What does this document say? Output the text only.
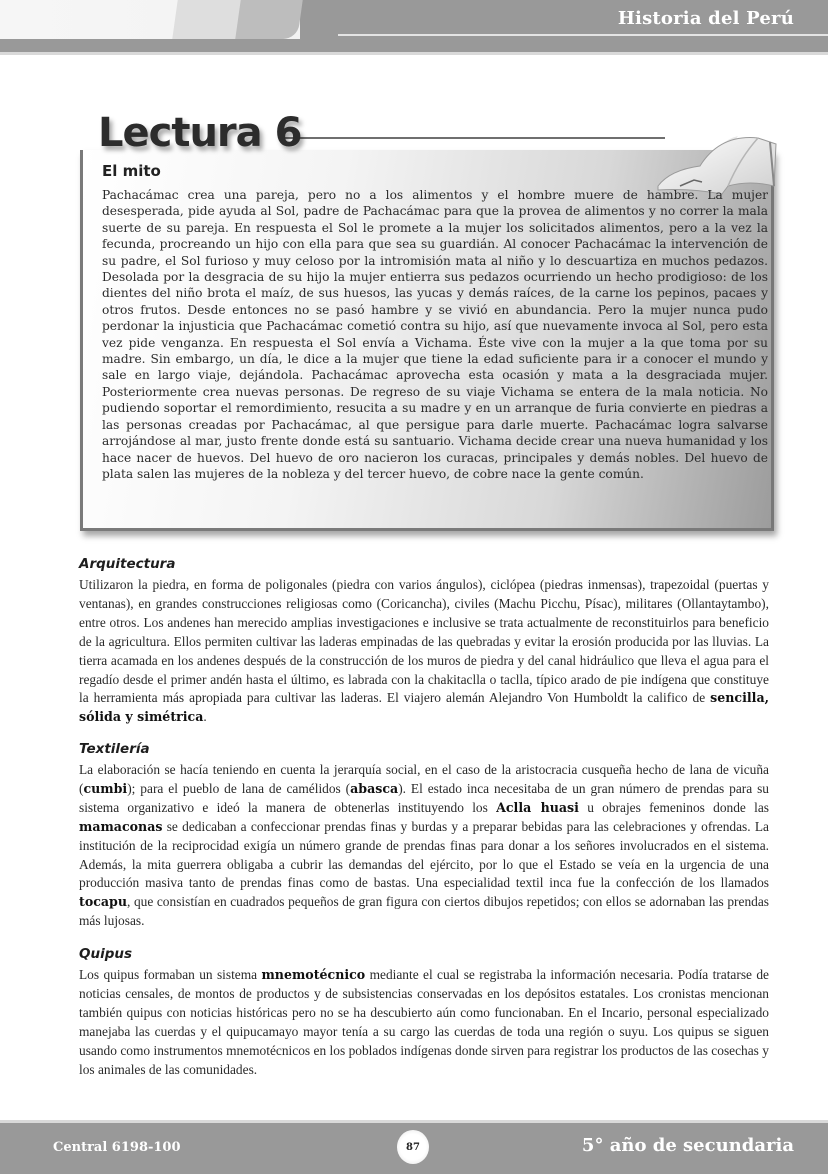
Historia del Perú
Lectura 6
El mito

Pachacámac crea una pareja, pero no a los alimentos y el hombre muere de hambre. La mujer desesperada, pide ayuda al Sol, padre de Pachacámac para que la provea de alimentos y no correr la mala suerte de su pareja. En respuesta el Sol le promete a la mujer los solicitados alimentos, pero a la vez la fecunda, procreando un hijo con ella para que sea su guardián. Al conocer Pachacámac la intervención de su padre, el Sol furioso y muy celoso por la intromisión mata al niño y lo descuartiza en muchos pedazos. Desolada por la desgracia de su hijo la mujer entierra sus pedazos ocurriendo un hecho prodigioso: de los dientes del niño brota el maíz, de sus huesos, las yucas y demás raíces, de la carne los pepinos, pacaes y otros frutos. Desde entonces no se pasó hambre y se vivió en abundancia. Pero la mujer nunca pudo perdonar la injusticia que Pachacámac cometió contra su hijo, así que nuevamente invoca al Sol, pero esta vez pide venganza. En respuesta el Sol envía a Vichama. Éste vive con la mujer a la que toma por su madre. Sin embargo, un día, le dice a la mujer que tiene la edad suficiente para ir a conocer el mundo y sale en largo viaje, dejándola. Pachacámac aprovecha esta ocasión y mata a la desgraciada mujer. Posteriormente crea nuevas personas. De regreso de su viaje Vichama se entera de la mala noticia. No pudiendo soportar el remordimiento, resucita a su madre y en un arranque de furia convierte en piedras a las personas creadas por Pachacámac, al que persigue para darle muerte. Pachacámac logra salvarse arrojándose al mar, justo frente donde está su santuario. Vichama decide crear una nueva humanidad y los hace nacer de huevos. Del huevo de oro nacieron los curacas, principales y demás nobles. Del huevo de plata salen las mujeres de la nobleza y del tercer huevo, de cobre nace la gente común.

Arquitectura

Utilizaron la piedra, en forma de poligonales (piedra con varios ángulos), ciclópea (piedras inmensas), trapezoidal (puertas y ventanas), en grandes construcciones religiosas como (Coricancha), civiles (Machu Picchu, Písac), militares (Ollantaytambo), entre otros. Los andenes han merecido amplias investigaciones e inclusive se trata actualmente de reconstituirlos para beneficio de la agricultura. Ellos permiten cultivar las laderas empinadas de las quebradas y evitar la erosión producida por las lluvias. La tierra acamada en los andenes después de la construcción de los muros de piedra y del canal hidráulico que lleva el agua para el regadío desde el primer andén hasta el último, es labrada con la chakitaclla o taclla, típico arado de pie indígena que constituye la herramienta más apropiada para cultivar las laderas. El viajero alemán Alejandro Von Humboldt la califico de sencilla, sólida y simétrica.

Textilería

La elaboración se hacía teniendo en cuenta la jerarquía social, en el caso de la aristocracia cusqueña hecho de lana de vicuña (cumbi); para el pueblo de lana de camélidos (abasca). El estado inca necesitaba de un gran número de prendas para su sistema organizativo e ideó la manera de obtenerlas instituyendo los Aclla huasi u obrajes femeninos donde las mamaconas se dedicaban a confeccionar prendas finas y burdas y a preparar bebidas para las celebraciones y ofrendas. La institución de la reciprocidad exigía un número grande de prendas finas para donar a los señores involucrados en el sistema. Además, la mita guerrera obligaba a cubrir las demandas del ejército, por lo que el Estado se veía en la urgencia de una producción masiva tanto de prendas finas como de bastas. Una especialidad textil inca fue la confección de los llamados tocapu, que consistían en cuadrados pequeños de gran figura con ciertos dibujos repetidos; con ellos se adornaban las prendas más lujosas.

Quipus

Los quipus formaban un sistema mnemotécnico mediante el cual se registraba la información necesaria. Podía tratarse de noticias censales, de montos de productos y de subsistencias conservadas en los depósitos estatales. Los cronistas mencionan también quipus con noticias históricas pero no se ha descubierto aún como funcionaban. En el Incario, personal especializado manejaba las cuerdas y el quipucamayo mayor tenía a su cargo las cuerdas de toda una región o suyu. Los quipus se siguen usando como instrumentos mnemotécnicos en los poblados indígenas donde sirven para registrar los productos de las cosechas y los animales de las comunidades.

Central 6198-100	87	5° año de secundaria
